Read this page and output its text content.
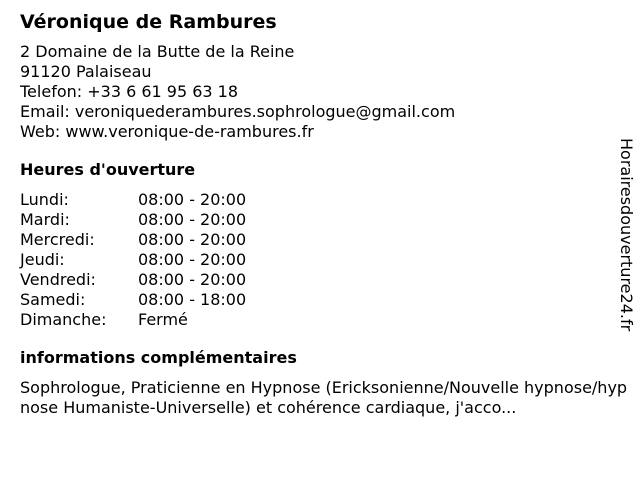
Véronique de Rambures
2 Domaine de la Butte de la Reine
91120 Palaiseau
Telefon: +33 6 61 95 63 18
Email: veroniquederambures.sophrologue@gmail.com
Web: www.veronique-de-rambures.fr
Heures d'ouverture
Lundi:	08:00 - 20:00
Mardi:	08:00 - 20:00
Mercredi:	08:00 - 20:00
Jeudi:	08:00 - 20:00
Vendredi:	08:00 - 20:00
Samedi:	08:00 - 18:00
Dimanche:	Fermé
informations complémentaires
Sophrologue, Praticienne en Hypnose (Ericksonienne/Nouvelle hypnose/hypnose Humaniste-Universelle) et cohérence cardiaque, j'acco...
Horairesdouverture24.fr
